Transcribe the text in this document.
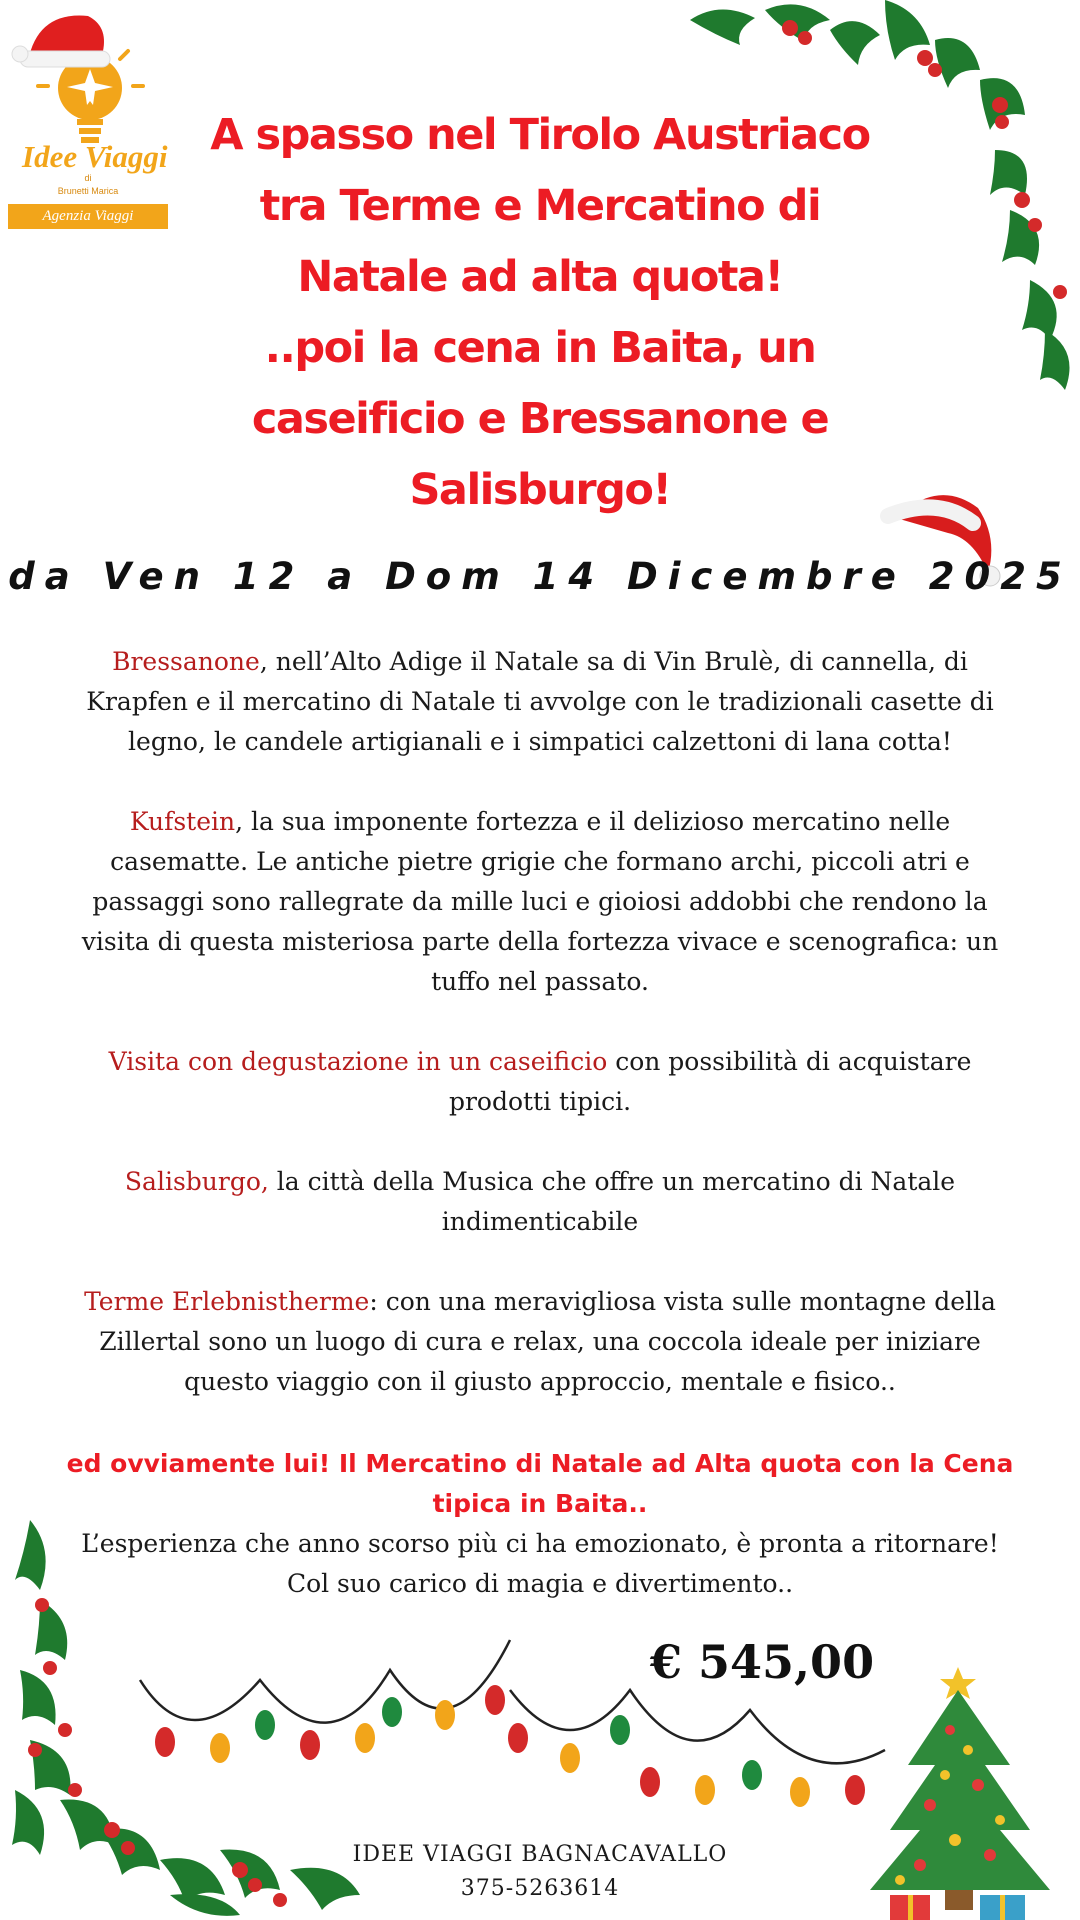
Idee Viaggi
di
Brunetti Marica
Agenzia Viaggi
A spasso nel Tirolo Austriaco
tra Terme e Mercatino di
Natale ad alta quota!
..poi la cena in Baita, un
caseificio e Bressanone e
Salisburgo!
da Ven 12 a Dom 14 Dicembre 2025
Bressanone, nell’Alto Adige il Natale sa di Vin Brulè, di cannella, di Krapfen e il mercatino di Natale ti avvolge con le tradizionali casette di legno, le candele artigianali e i simpatici calzettoni di lana cotta!
Kufstein, la sua imponente fortezza e il delizioso mercatino nelle casematte. Le antiche pietre grigie che formano archi, piccoli atri e passaggi sono rallegrate da mille luci e gioiosi addobbi che rendono la visita di questa misteriosa parte della fortezza vivace e scenografica: un tuffo nel passato.
Visita con degustazione in un caseificio con possibilità di acquistare prodotti tipici.
Salisburgo, la città della Musica che offre un mercatino di Natale indimenticabile
Terme Erlebnistherme: con una meravigliosa vista sulle montagne della Zillertal sono un luogo di cura e relax, una coccola ideale per iniziare questo viaggio con il giusto approccio, mentale e fisico..
ed ovviamente lui! Il Mercatino di Natale ad Alta quota con la Cena tipica in Baita..
L’esperienza che anno scorso più ci ha emozionato, è pronta a ritornare! Col suo carico di magia e divertimento..
€ 545,00
IDEE VIAGGI BAGNACAVALLO
375-5263614
